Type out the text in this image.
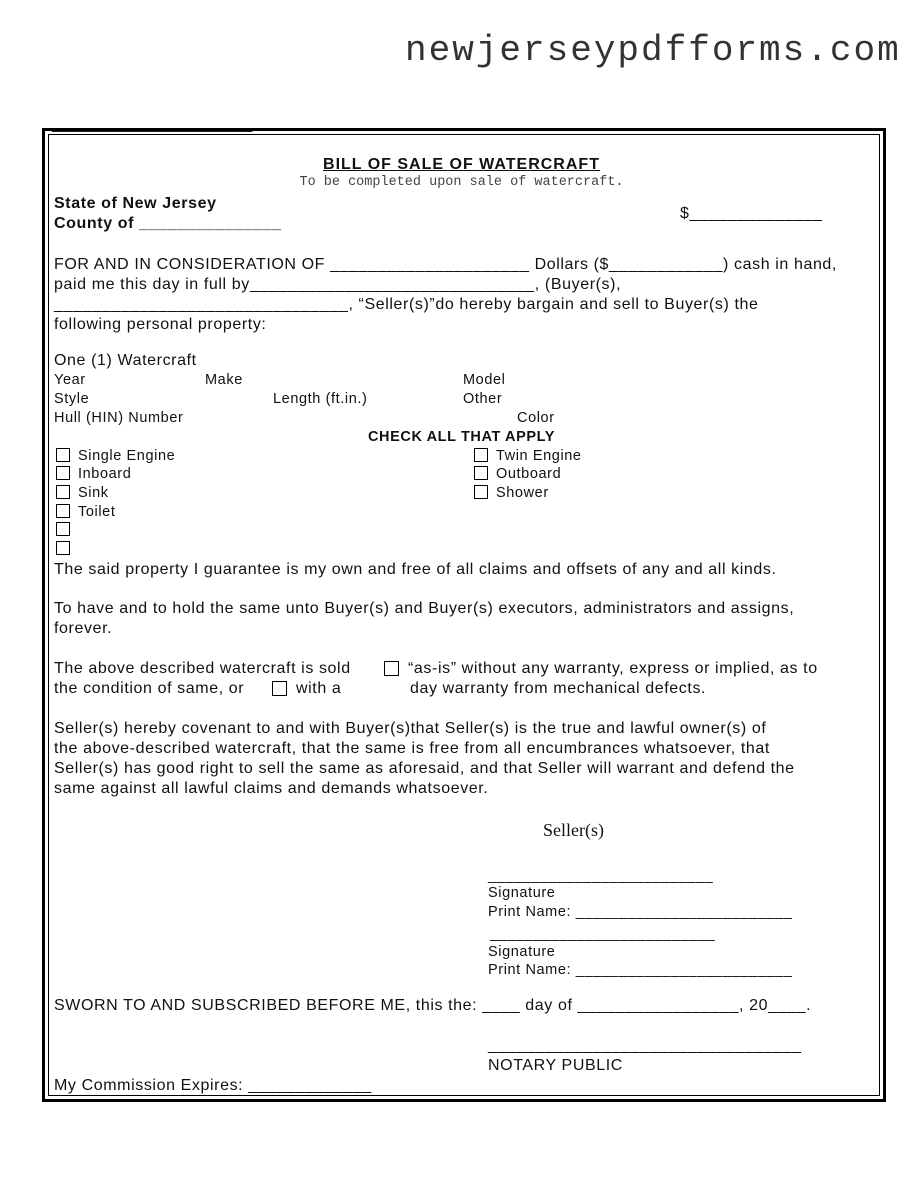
newjerseypdfforms.com
________________________
BILL OF SALE OF WATERCRAFT
To be completed upon sale of watercraft.
State of New Jersey
County of _______________
$______________
FOR AND IN CONSIDERATION OF _____________________ Dollars ($____________) cash in hand,
paid me this day in full by______________________________, (Buyer(s),
_______________________________, “Seller(s)”do hereby bargain and sell to Buyer(s) the
following personal property:
One (1) Watercraft
Year	Make	Model
Style	Length (ft.in.)	Other
Hull (HIN) Number	Color
CHECK ALL THAT APPLY
Single Engine
Inboard
Sink
Toilet
Twin Engine
Outboard
Shower
The said property I guarantee is my own and free of all claims and offsets of any and all kinds.
To have and to hold the same unto Buyer(s) and Buyer(s) executors, administrators and assigns,
forever.
The above described watercraft is sold	“as-is” without any warranty, express or implied, as to
the condition of same, or	with a	day warranty from mechanical defects.
Seller(s) hereby covenant to and with Buyer(s)that Seller(s) is the true and lawful owner(s) of
the above-described watercraft, that the same is free from all encumbrances whatsoever, that
Seller(s) has good right to sell the same as aforesaid, and that Seller will warrant and defend the
same against all lawful claims and demands whatsoever.
Seller(s)
__________________________
Signature
Print Name: _________________________
__________________________
Signature
Print Name: _________________________
SWORN TO AND SUBSCRIBED BEFORE ME, this the: ____ day of _________________, 20____.
_________________________________
NOTARY PUBLIC
My Commission Expires: _____________
